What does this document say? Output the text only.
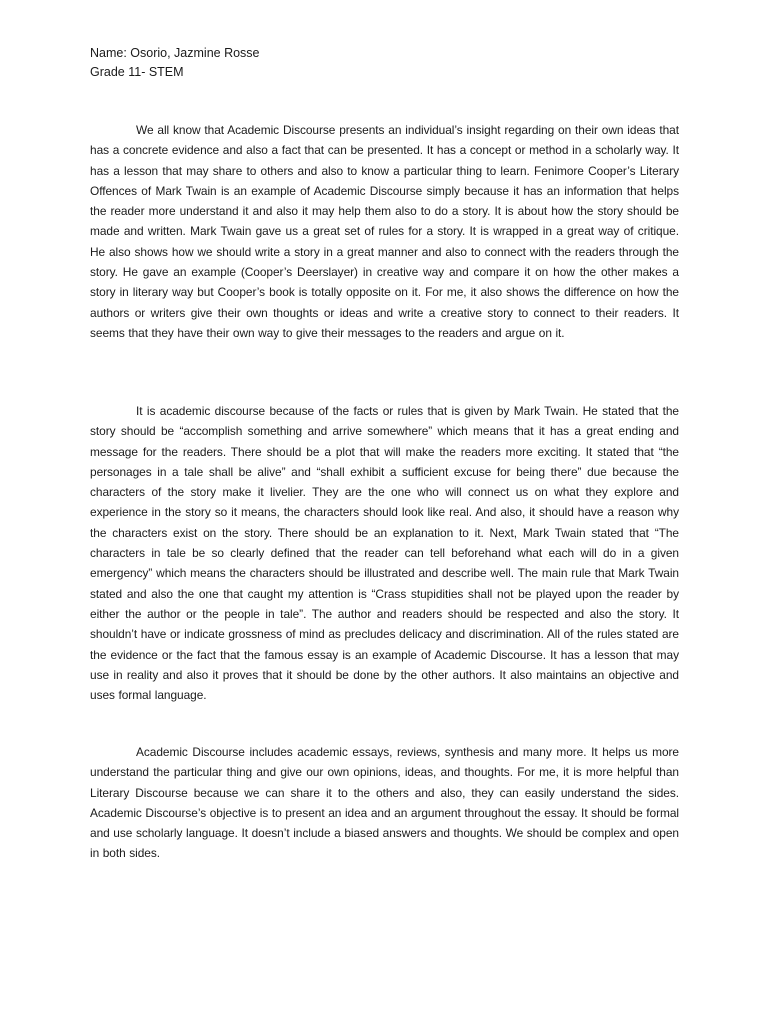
Name: Osorio, Jazmine Rosse
Grade 11- STEM

We all know that Academic Discourse presents an individual’s insight regarding on their own ideas that has a concrete evidence and also a fact that can be presented. It has a concept or method in a scholarly way. It has a lesson that may share to others and also to know a particular thing to learn. Fenimore Cooper’s Literary Offences of Mark Twain is an example of Academic Discourse simply because it has an information that helps the reader more understand it and also it may help them also to do a story. It is about how the story should be made and written. Mark Twain gave us a great set of rules for a story. It is wrapped in a great way of critique. He also shows how we should write a story in a great manner and also to connect with the readers through the story. He gave an example (Cooper’s Deerslayer) in creative way and compare it on how the other makes a story in literary way but Cooper’s book is totally opposite on it. For me, it also shows the difference on how the authors or writers give their own thoughts or ideas and write a creative story to connect to their readers. It seems that they have their own way to give their messages to the readers and argue on it.

It is academic discourse because of the facts or rules that is given by Mark Twain. He stated that the story should be “accomplish something and arrive somewhere” which means that it has a great ending and message for the readers. There should be a plot that will make the readers more exciting. It stated that “the personages in a tale shall be alive” and “shall exhibit a sufficient excuse for being there” due because the characters of the story make it livelier. They are the one who will connect us on what they explore and experience in the story so it means, the characters should look like real. And also, it should have a reason why the characters exist on the story. There should be an explanation to it. Next, Mark Twain stated that “The characters in tale be so clearly defined that the reader can tell beforehand what each will do in a given emergency” which means the characters should be illustrated and describe well. The main rule that Mark Twain stated and also the one that caught my attention is “Crass stupidities shall not be played upon the reader by either the author or the people in tale”. The author and readers should be respected and also the story. It shouldn’t have or indicate grossness of mind as precludes delicacy and discrimination. All of the rules stated are the evidence or the fact that the famous essay is an example of Academic Discourse. It has a lesson that may use in reality and also it proves that it should be done by the other authors. It also maintains an objective and uses formal language.

Academic Discourse includes academic essays, reviews, synthesis and many more. It helps us more understand the particular thing and give our own opinions, ideas, and thoughts. For me, it is more helpful than Literary Discourse because we can share it to the others and also, they can easily understand the sides. Academic Discourse’s objective is to present an idea and an argument throughout the essay. It should be formal and use scholarly language. It doesn’t include a biased answers and thoughts. We should be complex and open in both sides.
